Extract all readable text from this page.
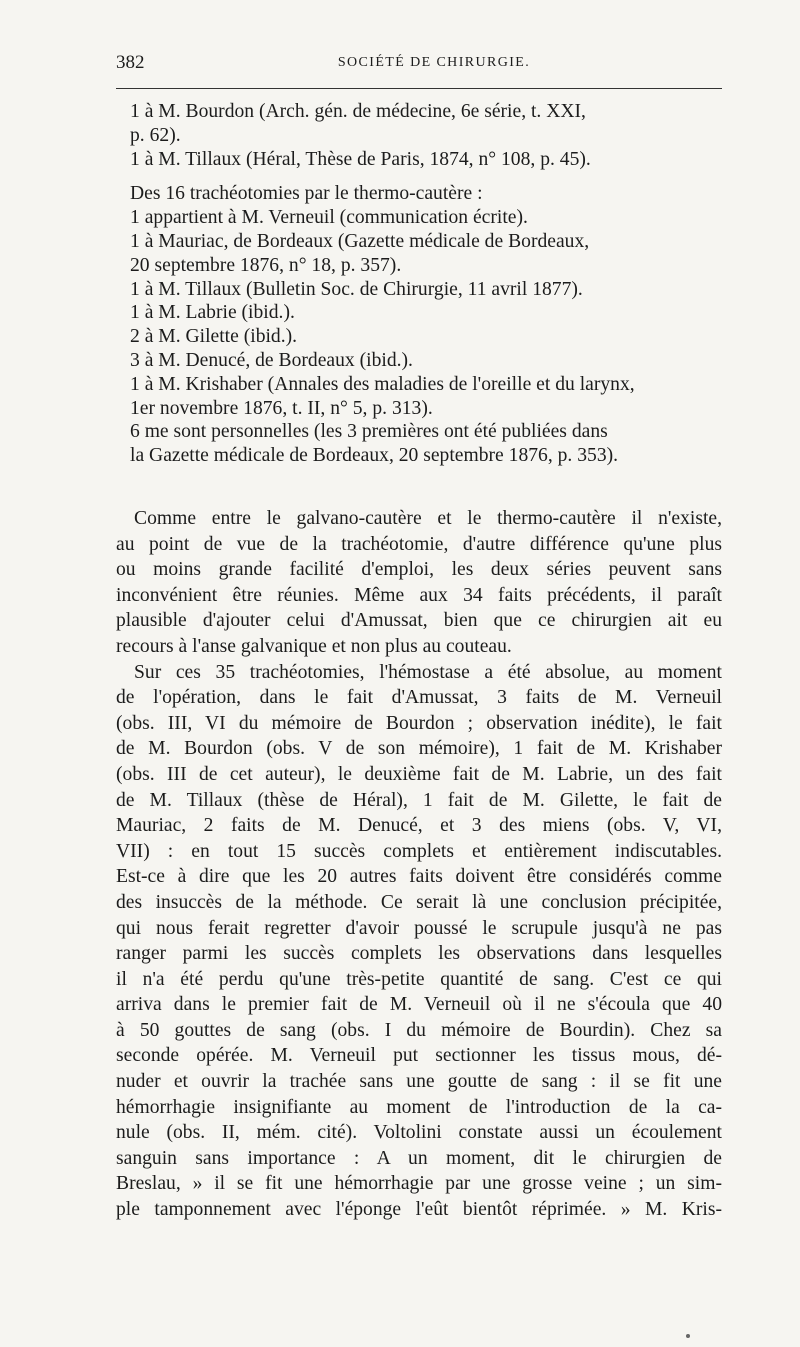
382	SOCIÉTÉ DE CHIRURGIE.
1 à M. Bourdon (Arch. gén. de médecine, 6e série, t. XXI,
p. 62).
1 à M. Tillaux (Héral, Thèse de Paris, 1874, n° 108, p. 45).
Des 16 trachéotomies par le thermo-cautère :
1 appartient à M. Verneuil (communication écrite).
1 à Mauriac, de Bordeaux (Gazette médicale de Bordeaux,
20 septembre 1876, n° 18, p. 357).
1 à M. Tillaux (Bulletin Soc. de Chirurgie, 11 avril 1877).
1 à M. Labrie (ibid.).
2 à M. Gilette (ibid.).
3 à M. Denucé, de Bordeaux (ibid.).
1 à M. Krishaber (Annales des maladies de l'oreille et du larynx,
1er novembre 1876, t. II, n° 5, p. 313).
6 me sont personnelles (les 3 premières ont été publiées dans
la Gazette médicale de Bordeaux, 20 septembre 1876, p. 353).
Comme entre le galvano-cautère et le thermo-cautère il n'existe,
au point de vue de la trachéotomie, d'autre différence qu'une plus
ou moins grande facilité d'emploi, les deux séries peuvent sans
inconvénient être réunies. Même aux 34 faits précédents, il paraît
plausible d'ajouter celui d'Amussat, bien que ce chirurgien ait eu
recours à l'anse galvanique et non plus au couteau.
Sur ces 35 trachéotomies, l'hémostase a été absolue, au moment
de l'opération, dans le fait d'Amussat, 3 faits de M. Verneuil
(obs. III, VI du mémoire de Bourdon ; observation inédite), le fait
de M. Bourdon (obs. V de son mémoire), 1 fait de M. Krishaber
(obs. III de cet auteur), le deuxième fait de M. Labrie, un des fait
de M. Tillaux (thèse de Héral), 1 fait de M. Gilette, le fait de
Mauriac, 2 faits de M. Denucé, et 3 des miens (obs. V, VI,
VII) : en tout 15 succès complets et entièrement indiscutables.
Est-ce à dire que les 20 autres faits doivent être considérés comme
des insuccès de la méthode. Ce serait là une conclusion précipitée,
qui nous ferait regretter d'avoir poussé le scrupule jusqu'à ne pas
ranger parmi les succès complets les observations dans lesquelles
il n'a été perdu qu'une très-petite quantité de sang. C'est ce qui
arriva dans le premier fait de M. Verneuil où il ne s'écoula que 40
à 50 gouttes de sang (obs. I du mémoire de Bourdin). Chez sa
seconde opérée. M. Verneuil put sectionner les tissus mous, dé-
nuder et ouvrir la trachée sans une goutte de sang : il se fit une
hémorrhagie insignifiante au moment de l'introduction de la ca-
nule (obs. II, mém. cité). Voltolini constate aussi un écoulement
sanguin sans importance : A un moment, dit le chirurgien de
Breslau, » il se fit une hémorrhagie par une grosse veine ; un sim-
ple tamponnement avec l'éponge l'eût bientôt réprimée. » M. Kris-
